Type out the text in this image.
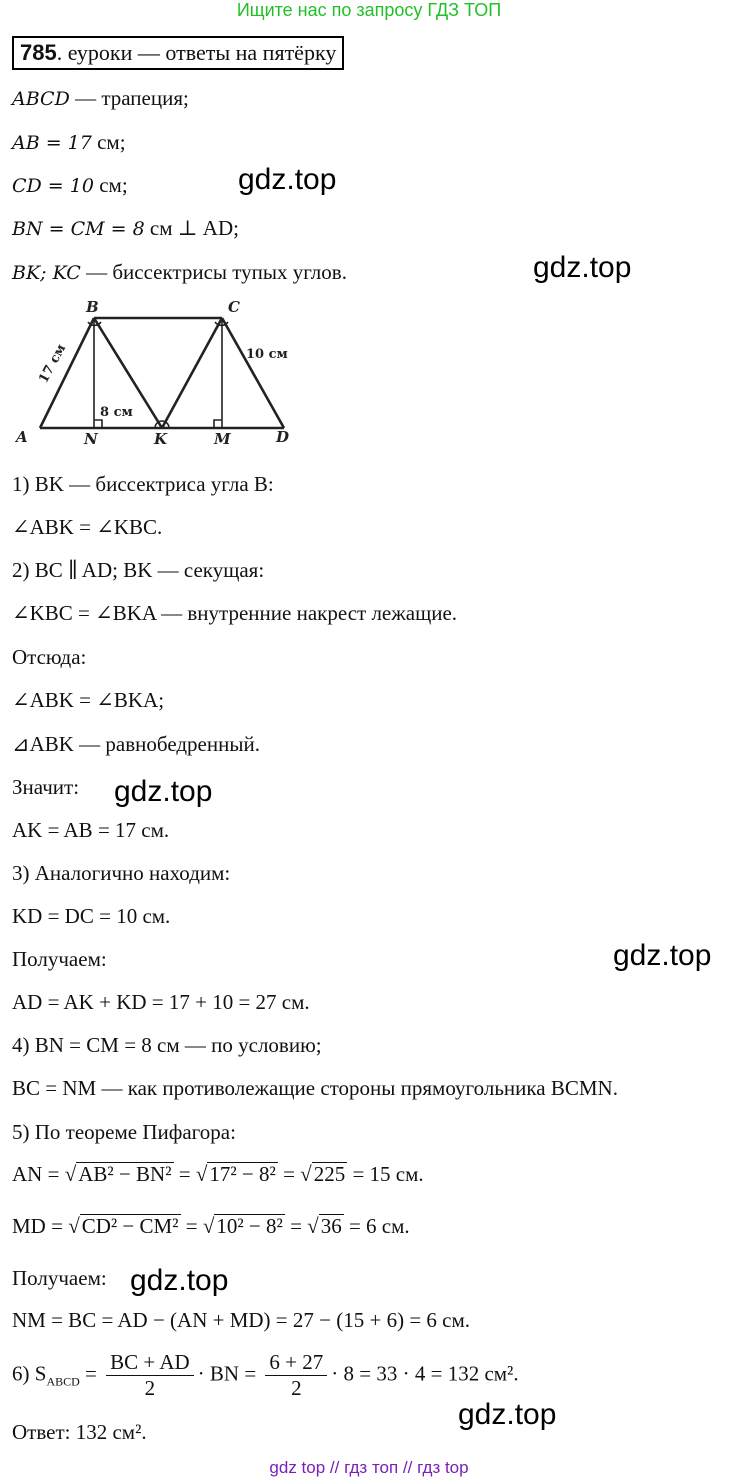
Ищите нас по запросу ГДЗ ТОП
785. еуроки — ответы на пятёрку
ABCD — трапеция;
AB = 17 см;
CD = 10 см;
BN = CM = 8 см ⊥ AD;
BK; KC — биссектрисы тупых углов.
gdz.top
gdz.top
B	C
A	N	K	M	D
17 см	10 см
8 см
1) BK — биссектриса угла B:
∠ABK = ∠KBC.
2) BC ∥ AD; BK — секущая:
∠KBC = ∠BKA — внутренние накрест лежащие.
Отсюда:
∠ABK = ∠BKA;
⊿ABK — равнобедренный.
Значит: gdz.top
AK = AB = 17 см.
3) Аналогично находим:
KD = DC = 10 см.
Получаем:	gdz.top
AD = AK + KD = 17 + 10 = 27 см.
4) BN = CM = 8 см — по условию;
BC = NM — как противолежащие стороны прямоугольника BCMN.
5) По теореме Пифагора:
AN = √AB² − BN² = √17² − 8² = √225 = 15 см.
MD = √CD² − CM² = √10² − 8² = √36 = 6 см.
Получаем: gdz.top
NM = BC = AD − (AN + MD) = 27 − (15 + 6) = 6 см.
6) $S_{ABCD} = \frac{BC + AD}{2}$ · BN = $\frac{6 + 27}{2} \cdot 8 = 33 \cdot 4 = 132$ см².
Ответ: 132 см².
gdz.top
gdz top // гдз топ // гдз top
